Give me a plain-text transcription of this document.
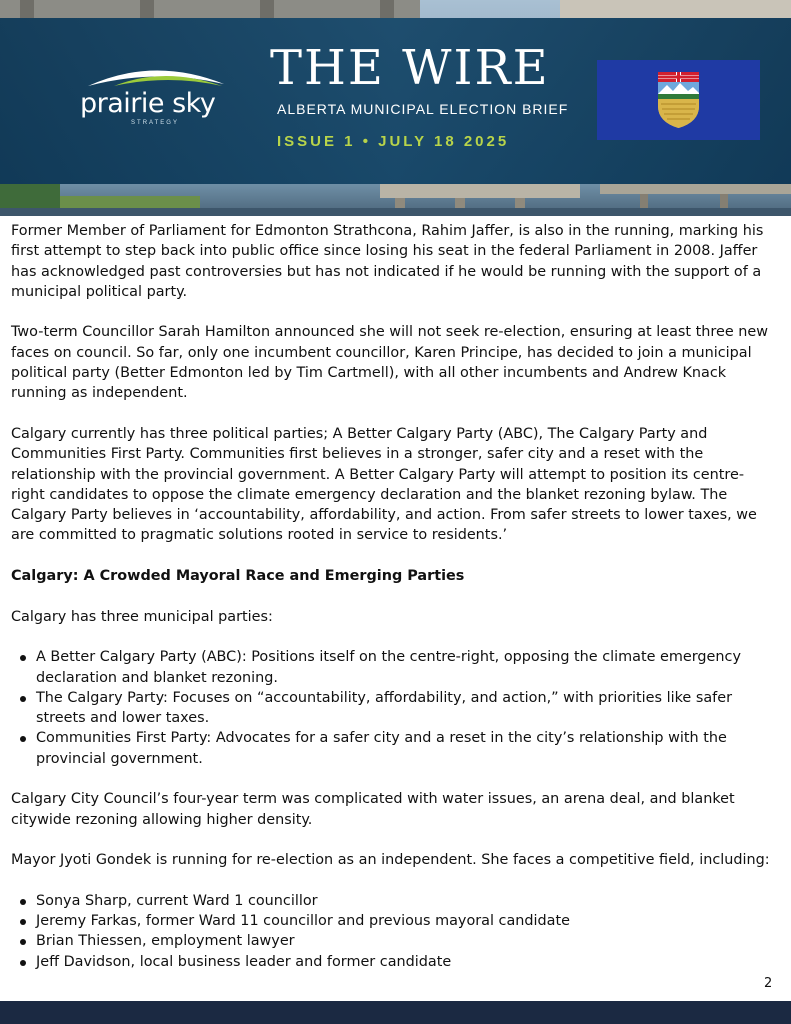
prairie sky
STRATEGY
THE WIRE
ALBERTA MUNICIPAL ELECTION BRIEF
ISSUE 1 • JULY 18 2025

Former Member of Parliament for Edmonton Strathcona, Rahim Jaffer, is also in the running, marking his first attempt to step back into public office since losing his seat in the federal Parliament in 2008. Jaffer has acknowledged past controversies but has not indicated if he would be running with the support of a municipal political party.

Two-term Councillor Sarah Hamilton announced she will not seek re-election, ensuring at least three new faces on council. So far, only one incumbent councillor, Karen Principe, has decided to join a municipal political party (Better Edmonton led by Tim Cartmell), with all other incumbents and Andrew Knack running as independent.

Calgary currently has three political parties; A Better Calgary Party (ABC), The Calgary Party and Communities First Party. Communities first believes in a stronger, safer city and a reset with the relationship with the provincial government. A Better Calgary Party will attempt to position its centre-right candidates to oppose the climate emergency declaration and the blanket rezoning bylaw. The Calgary Party believes in ‘accountability, affordability, and action. From safer streets to lower taxes, we are committed to pragmatic solutions rooted in service to residents.’

Calgary: A Crowded Mayoral Race and Emerging Parties

Calgary has three municipal parties:

A Better Calgary Party (ABC): Positions itself on the centre-right, opposing the climate emergency declaration and blanket rezoning.
The Calgary Party: Focuses on “accountability, affordability, and action,” with priorities like safer streets and lower taxes.
Communities First Party: Advocates for a safer city and a reset in the city’s relationship with the provincial government.

Calgary City Council’s four-year term was complicated with water issues, an arena deal, and blanket citywide rezoning allowing higher density.

Mayor Jyoti Gondek is running for re-election as an independent. She faces a competitive field, including:

Sonya Sharp, current Ward 1 councillor
Jeremy Farkas, former Ward 11 councillor and previous mayoral candidate
Brian Thiessen, employment lawyer
Jeff Davidson, local business leader and former candidate
2
